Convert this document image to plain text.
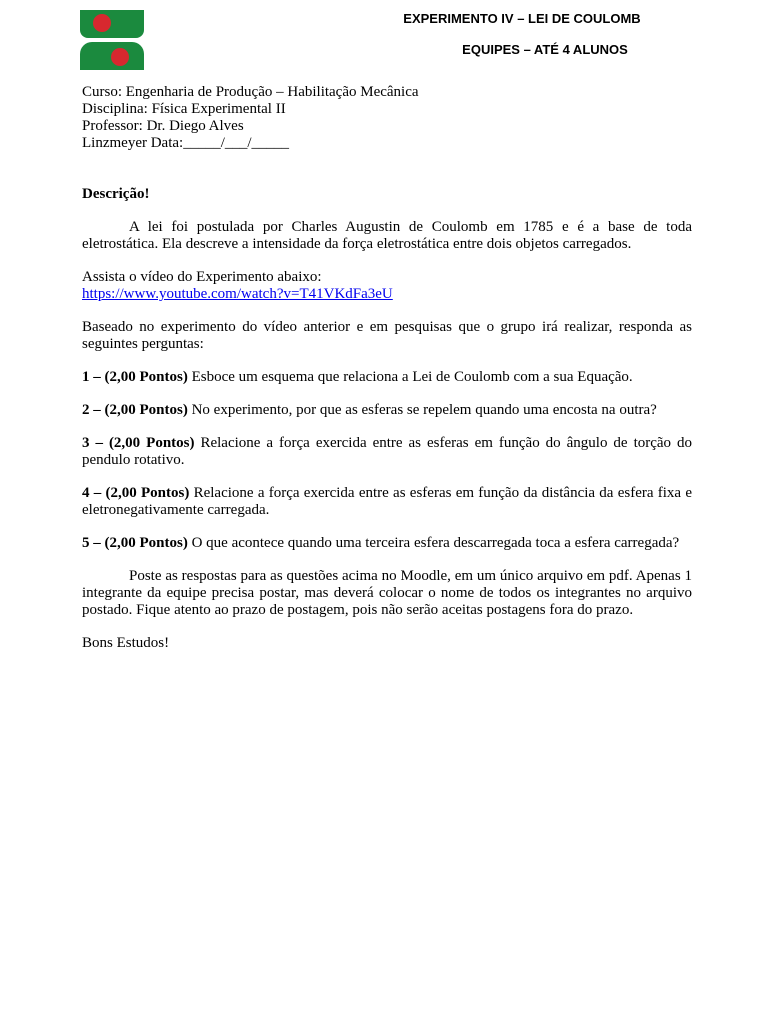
EXPERIMENTO IV – LEI DE COULOMB
EQUIPES – ATÉ 4 ALUNOS
Curso: Engenharia de Produção – Habilitação Mecânica
Disciplina: Física Experimental II
Professor: Dr. Diego Alves
Linzmeyer Data:_____/___/_____

Descrição!

A lei foi postulada por Charles Augustin de Coulomb em 1785 e é a base de toda eletrostática. Ela descreve a intensidade da força eletrostática entre dois objetos carregados.

Assista o vídeo do Experimento abaixo:

https://www.youtube.com/watch?v=T41VKdFa3eU

Baseado no experimento do vídeo anterior e em pesquisas que o grupo irá realizar, responda as seguintes perguntas:

1 – (2,00 Pontos) Esboce um esquema que relaciona a Lei de Coulomb com a sua Equação.

2 – (2,00 Pontos) No experimento, por que as esferas se repelem quando uma encosta na outra?

3 – (2,00 Pontos) Relacione a força exercida entre as esferas em função do ângulo de torção do pendulo rotativo.

4 – (2,00 Pontos) Relacione a força exercida entre as esferas em função da distância da esfera fixa e eletronegativamente carregada.

5 – (2,00 Pontos) O que acontece quando uma terceira esfera descarregada toca a esfera carregada?

Poste as respostas para as questões acima no Moodle, em um único arquivo em pdf. Apenas 1 integrante da equipe precisa postar, mas deverá colocar o nome de todos os integrantes no arquivo postado. Fique atento ao prazo de postagem, pois não serão aceitas postagens fora do prazo.

Bons Estudos!
